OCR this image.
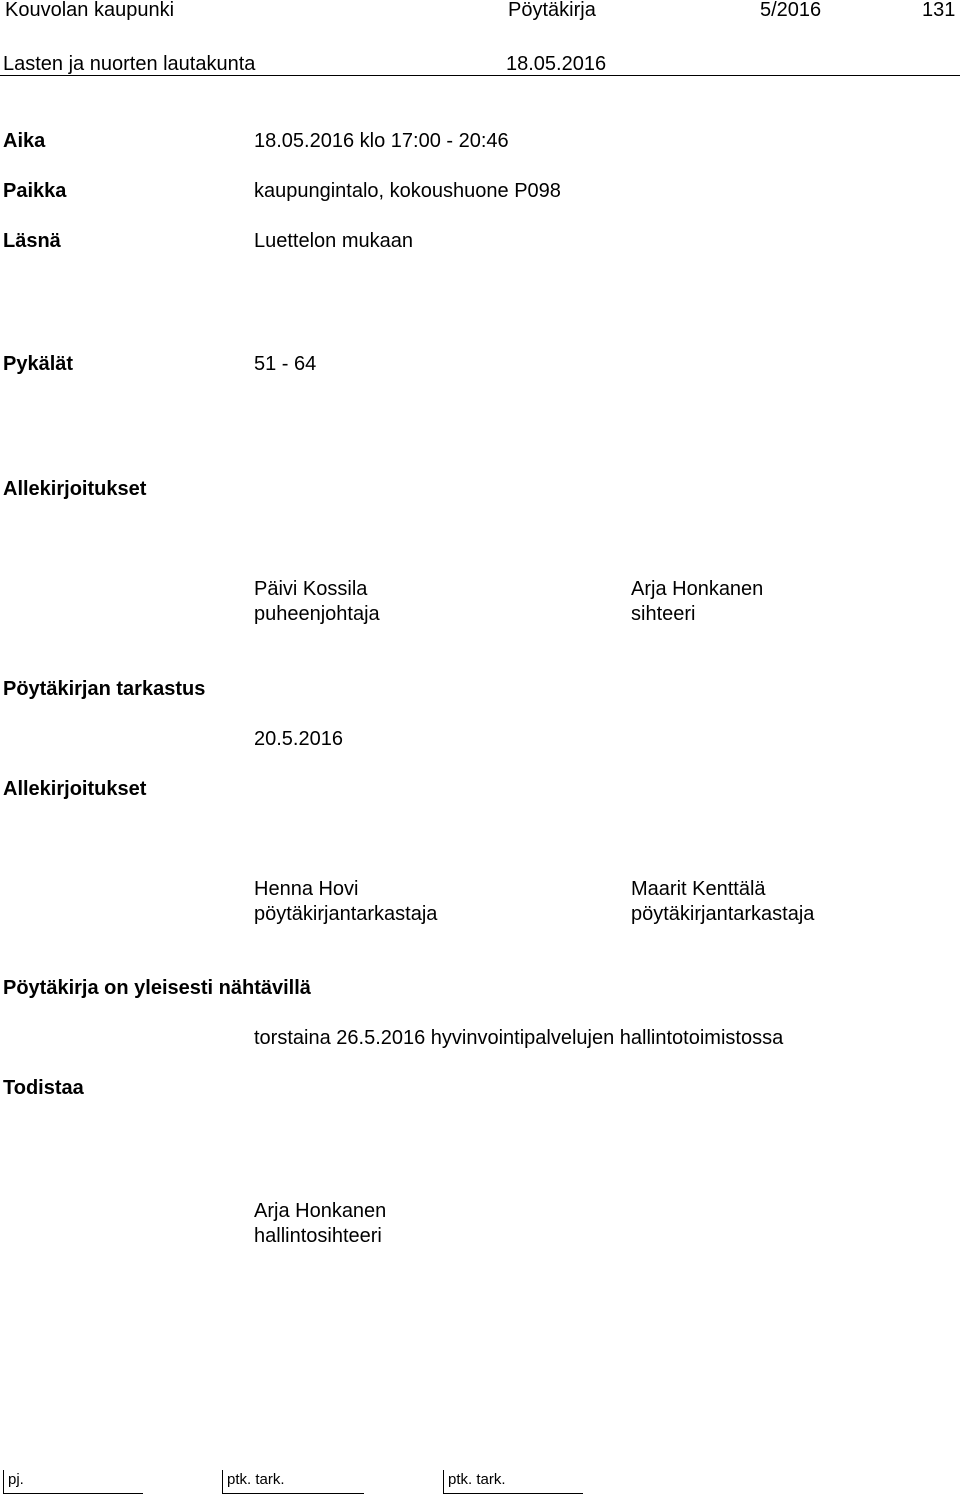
Kouvolan kaupunki	Pöytäkirja	5/2016	131
Lasten ja nuorten lautakunta	18.05.2016
Aika	18.05.2016 klo 17:00 - 20:46
Paikka	kaupungintalo, kokoushuone P098
Läsnä	Luettelon mukaan
Pykälät	51 - 64
Allekirjoitukset
Päivi Kossila
puheenjohtaja
Arja Honkanen
sihteeri
Pöytäkirjan tarkastus
20.5.2016
Allekirjoitukset
Henna Hovi
pöytäkirjantarkastaja
Maarit Kenttälä
pöytäkirjantarkastaja
Pöytäkirja on yleisesti nähtävillä
torstaina 26.5.2016 hyvinvointipalvelujen hallintotoimistossa
Todistaa
Arja Honkanen
hallintosihteeri
pj.	ptk. tark.	ptk. tark.
